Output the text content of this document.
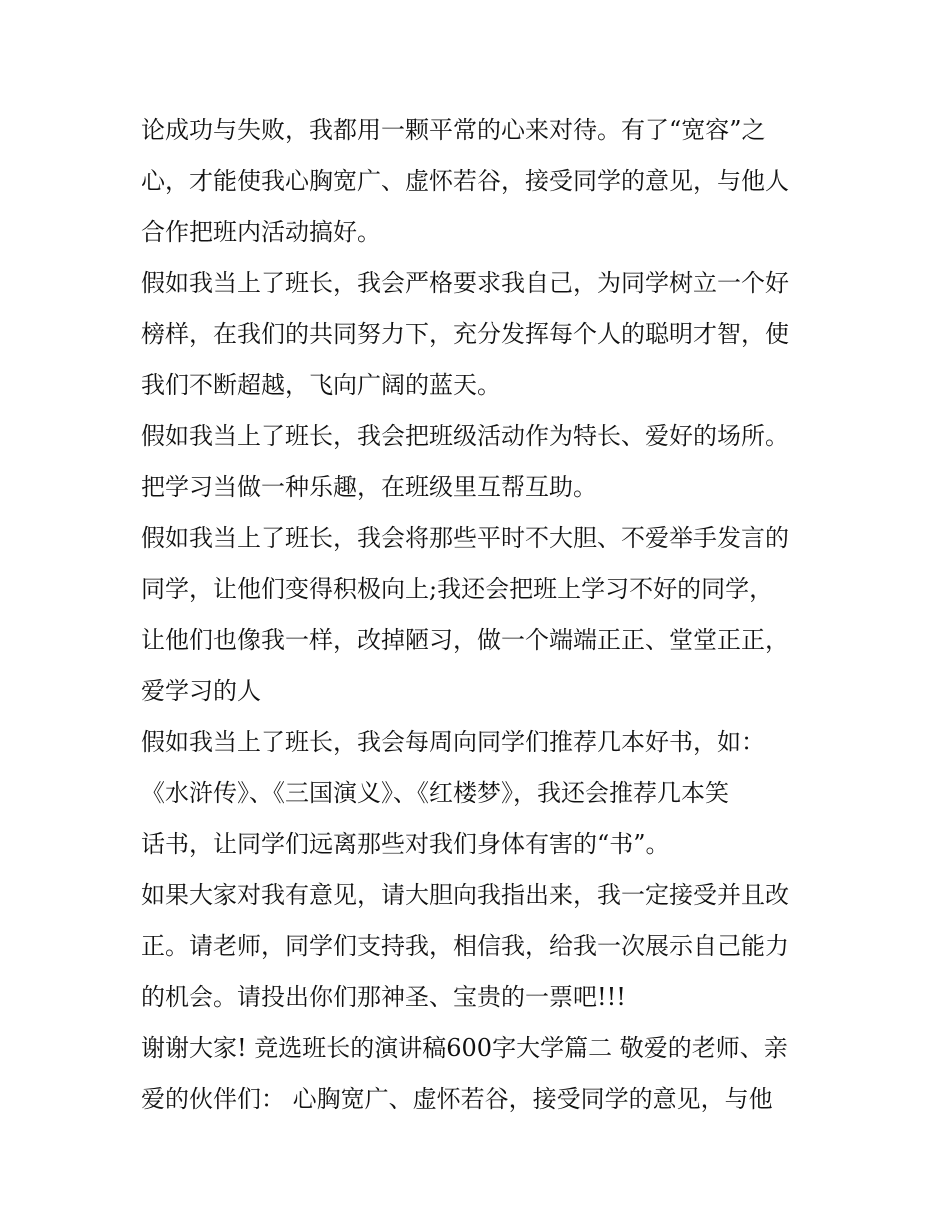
论成功与失败，我都用一颗平常的心来对待。有了“宽容”之
心，才能使我心胸宽广、虚怀若谷，接受同学的意见，与他人
合作把班内活动搞好。
假如我当上了班长，我会严格要求我自己，为同学树立一个好
榜样，在我们的共同努力下，充分发挥每个人的聪明才智，使
我们不断超越，飞向广阔的蓝天。
假如我当上了班长，我会把班级活动作为特长、爱好的场所。
把学习当做一种乐趣，在班级里互帮互助。
假如我当上了班长，我会将那些平时不大胆、不爱举手发言的
同学，让他们变得积极向上;我还会把班上学习不好的同学，
让他们也像我一样，改掉陋习，做一个端端正正、堂堂正正，
爱学习的人
假如我当上了班长，我会每周向同学们推荐几本好书，如：
《水浒传》、《三国演义》、《红楼梦》，我还会推荐几本笑
话书，让同学们远离那些对我们身体有害的“书”。
如果大家对我有意见，请大胆向我指出来，我一定接受并且改
正。请老师，同学们支持我，相信我，给我一次展示自己能力
的机会。请投出你们那神圣、宝贵的一票吧!!!
谢谢大家! 竞选班长的演讲稿600字大学篇二 敬爱的老师、亲
爱的伙伴们： 心胸宽广、虚怀若谷，接受同学的意见，与他
